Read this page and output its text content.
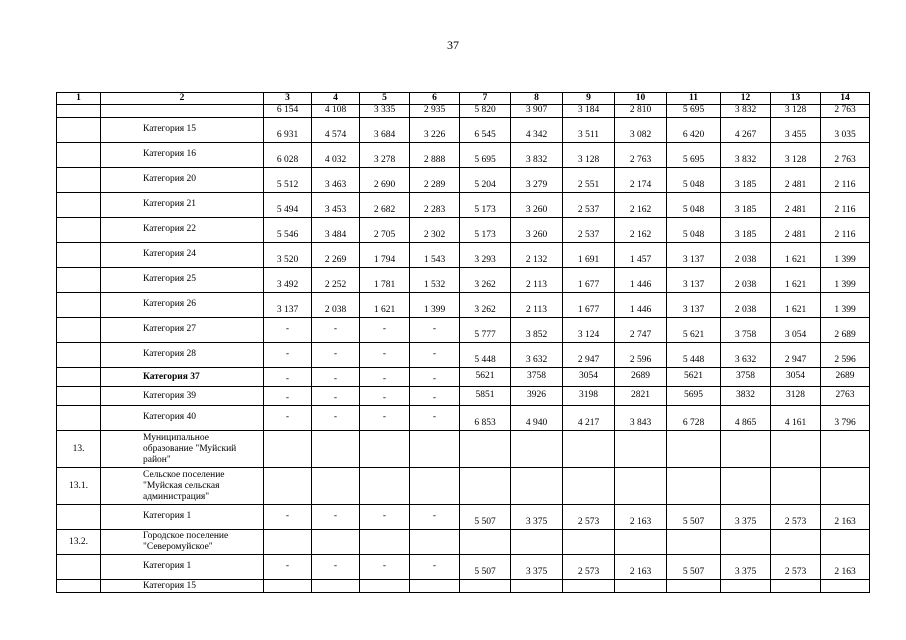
37
1	2	3	4	5	6	7	8	9	10	11	12	13	14
		6 154	4 108	3 335	2 935	5 820	3 907	3 184	2 810	5 695	3 832	3 128	2 763
	Категория 15	6 931	4 574	3 684	3 226	6 545	4 342	3 511	3 082	6 420	4 267	3 455	3 035
	Категория 16	6 028	4 032	3 278	2 888	5 695	3 832	3 128	2 763	5 695	3 832	3 128	2 763
	Категория 20	5 512	3 463	2 690	2 289	5 204	3 279	2 551	2 174	5 048	3 185	2 481	2 116
	Категория 21	5 494	3 453	2 682	2 283	5 173	3 260	2 537	2 162	5 048	3 185	2 481	2 116
	Категория 22	5 546	3 484	2 705	2 302	5 173	3 260	2 537	2 162	5 048	3 185	2 481	2 116
	Категория 24	3 520	2 269	1 794	1 543	3 293	2 132	1 691	1 457	3 137	2 038	1 621	1 399
	Категория 25	3 492	2 252	1 781	1 532	3 262	2 113	1 677	1 446	3 137	2 038	1 621	1 399
	Категория 26	3 137	2 038	1 621	1 399	3 262	2 113	1 677	1 446	3 137	2 038	1 621	1 399
	Категория 27	-	-	-	-	5 777	3 852	3 124	2 747	5 621	3 758	3 054	2 689
	Категория 28	-	-	-	-	5 448	3 632	2 947	2 596	5 448	3 632	2 947	2 596
	Категория 37	-	-	-	-	5621	3758	3054	2689	5621	3758	3054	2689
	Категория 39	-	-	-	-	5851	3926	3198	2821	5695	3832	3128	2763
	Категория 40	-	-	-	-	6 853	4 940	4 217	3 843	6 728	4 865	4 161	3 796
13.	Муниципальное образование "Муйский район"												
13.1.	Сельское поселение "Муйская сельская администрация"												
	Категория 1	-	-	-	-	5 507	3 375	2 573	2 163	5 507	3 375	2 573	2 163
13.2.	Городское поселение "Северомуйское"												
	Категория 1	-	-	-	-	5 507	3 375	2 573	2 163	5 507	3 375	2 573	2 163
	Категория 15												
